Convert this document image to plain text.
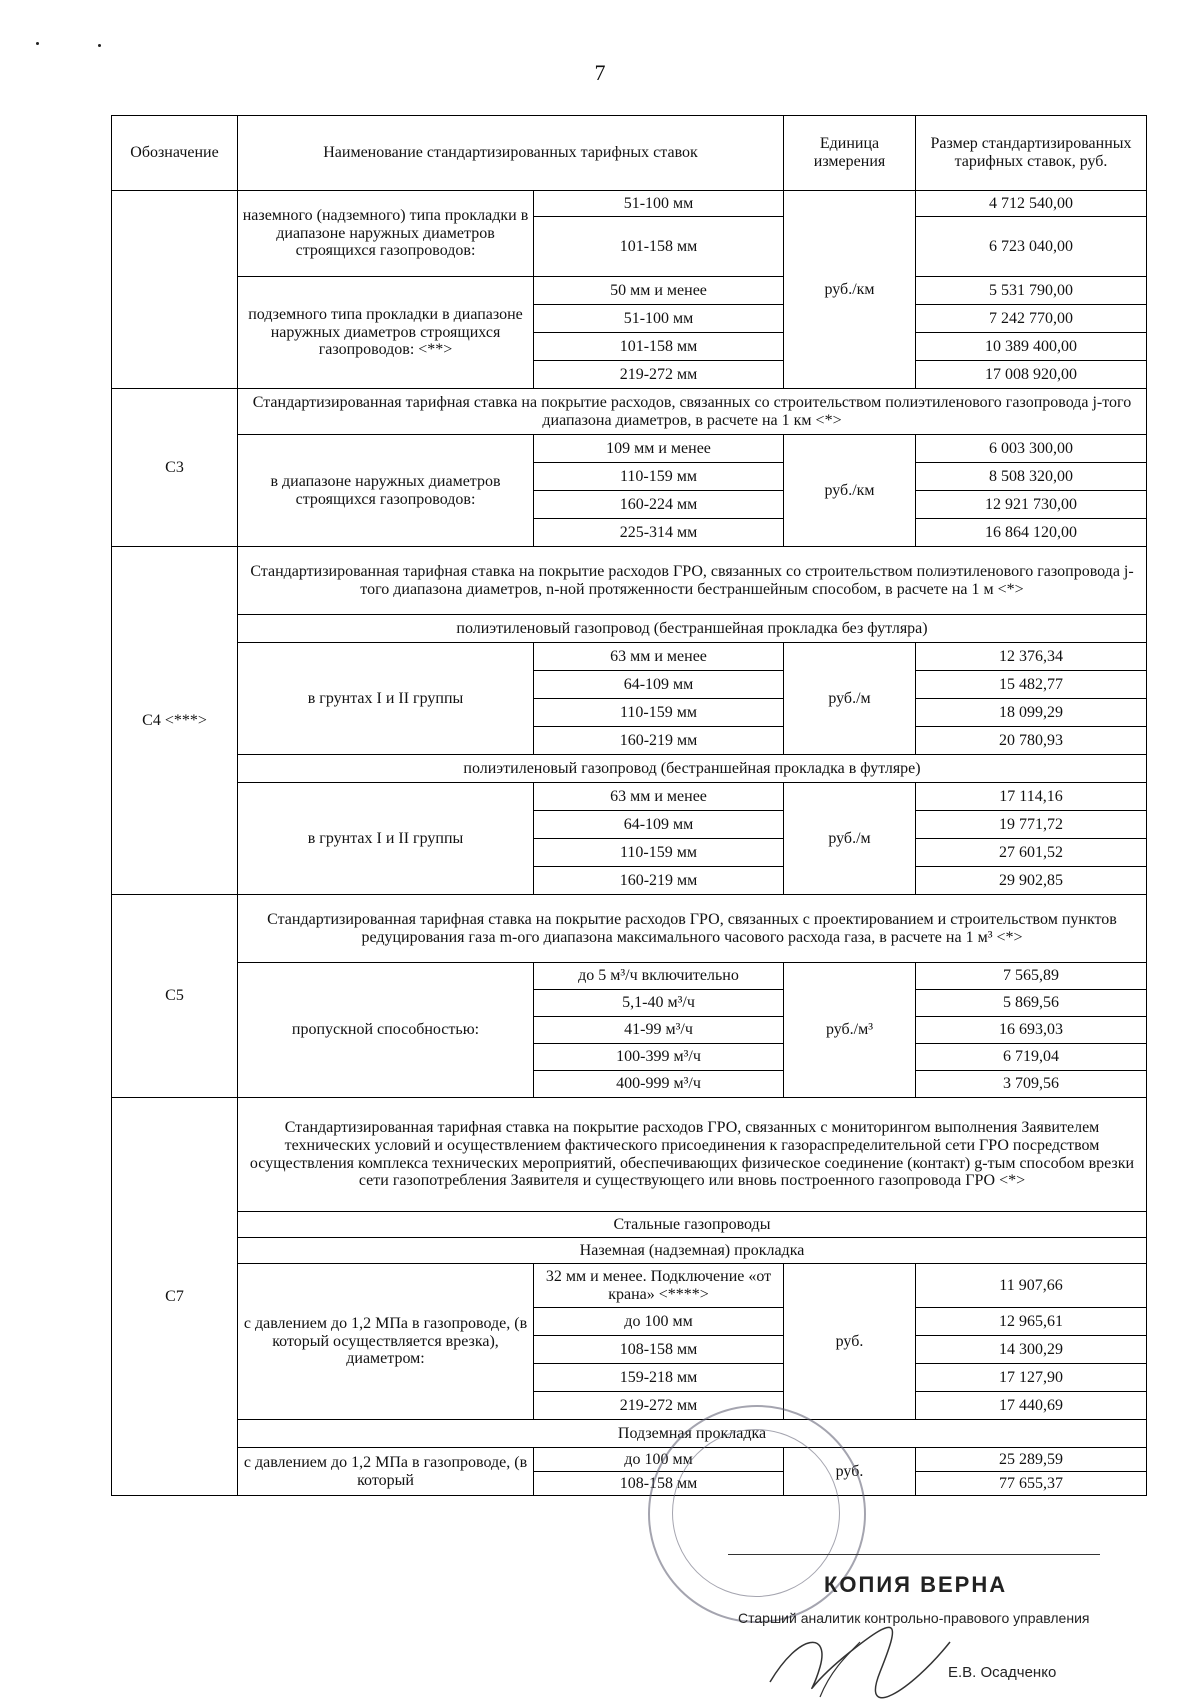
7
Обозначение	Наименование стандартизированных тарифных ставок		Единица измерения	Размер стандартизированных тарифных ставок, руб.
	наземного (надземного) типа прокладки в диапазоне наружных диаметров строящихся газопроводов:	51-100 мм	руб./км	4 712 540,00
		101-158 мм		6 723 040,00
	подземного типа прокладки в диапазоне наружных диаметров строящихся газопроводов: <**>	50 мм и менее		5 531 790,00
		51-100 мм		7 242 770,00
		101-158 мм		10 389 400,00
		219-272 мм		17 008 920,00
С3	Стандартизированная тарифная ставка на покрытие расходов, связанных со строительством полиэтиленового газопровода j-того диапазона диаметров, в расчете на 1 км <*>			
	в диапазоне наружных диаметров строящихся газопроводов:	109 мм и менее	руб./км	6 003 300,00
		110-159 мм		8 508 320,00
		160-224 мм		12 921 730,00
		225-314 мм		16 864 120,00
С4 <***>	Стандартизированная тарифная ставка на покрытие расходов ГРО, связанных со строительством полиэтиленового газопровода j-того диапазона диаметров, n-ной протяженности бестраншейным способом, в расчете на 1 м <*>			
	полиэтиленовый газопровод (бестраншейная прокладка без футляра)			
	в грунтах I и II группы	63 мм и менее	руб./м	12 376,34
		64-109 мм		15 482,77
		110-159 мм		18 099,29
		160-219 мм		20 780,93
	полиэтиленовый газопровод (бестраншейная прокладка в футляре)			
	в грунтах I и II группы	63 мм и менее	руб./м	17 114,16
		64-109 мм		19 771,72
		110-159 мм		27 601,52
		160-219 мм		29 902,85
С5	Стандартизированная тарифная ставка на покрытие расходов ГРО, связанных с проектированием и строительством пунктов редуцирования газа m-ого диапазона максимального часового расхода газа, в расчете на 1 м³ <*>			
	пропускной способностью:	до 5 м³/ч включительно	руб./м³	7 565,89
		5,1-40 м³/ч		5 869,56
		41-99 м³/ч		16 693,03
		100-399 м³/ч		6 719,04
		400-999 м³/ч		3 709,56
С7	Стандартизированная тарифная ставка на покрытие расходов ГРО, связанных с мониторингом выполнения Заявителем технических условий и осуществлением фактического присоединения к газораспределительной сети ГРО посредством осуществления комплекса технических мероприятий, обеспечивающих физическое соединение (контакт) g-тым способом врезки сети газопотребления Заявителя и существующего или вновь построенного газопровода ГРО <*>			
	Стальные газопроводы			
	Наземная (надземная) прокладка			
	с давлением до 1,2 МПа в газопроводе, (в который осуществляется врезка), диаметром:	32 мм и менее. Подключение «от крана» <****>	руб.	11 907,66
		до 100 мм		12 965,61
		108-158 мм		14 300,29
		159-218 мм		17 127,90
		219-272 мм		17 440,69
	Подземная прокладка			
	с давлением до 1,2 МПа в газопроводе, (в который	до 100 мм	руб.	25 289,59
		108-158 мм		77 655,37
КОПИЯ ВЕРНА
Старший аналитик контрольно-правового управления
Е.В. Осадченко
